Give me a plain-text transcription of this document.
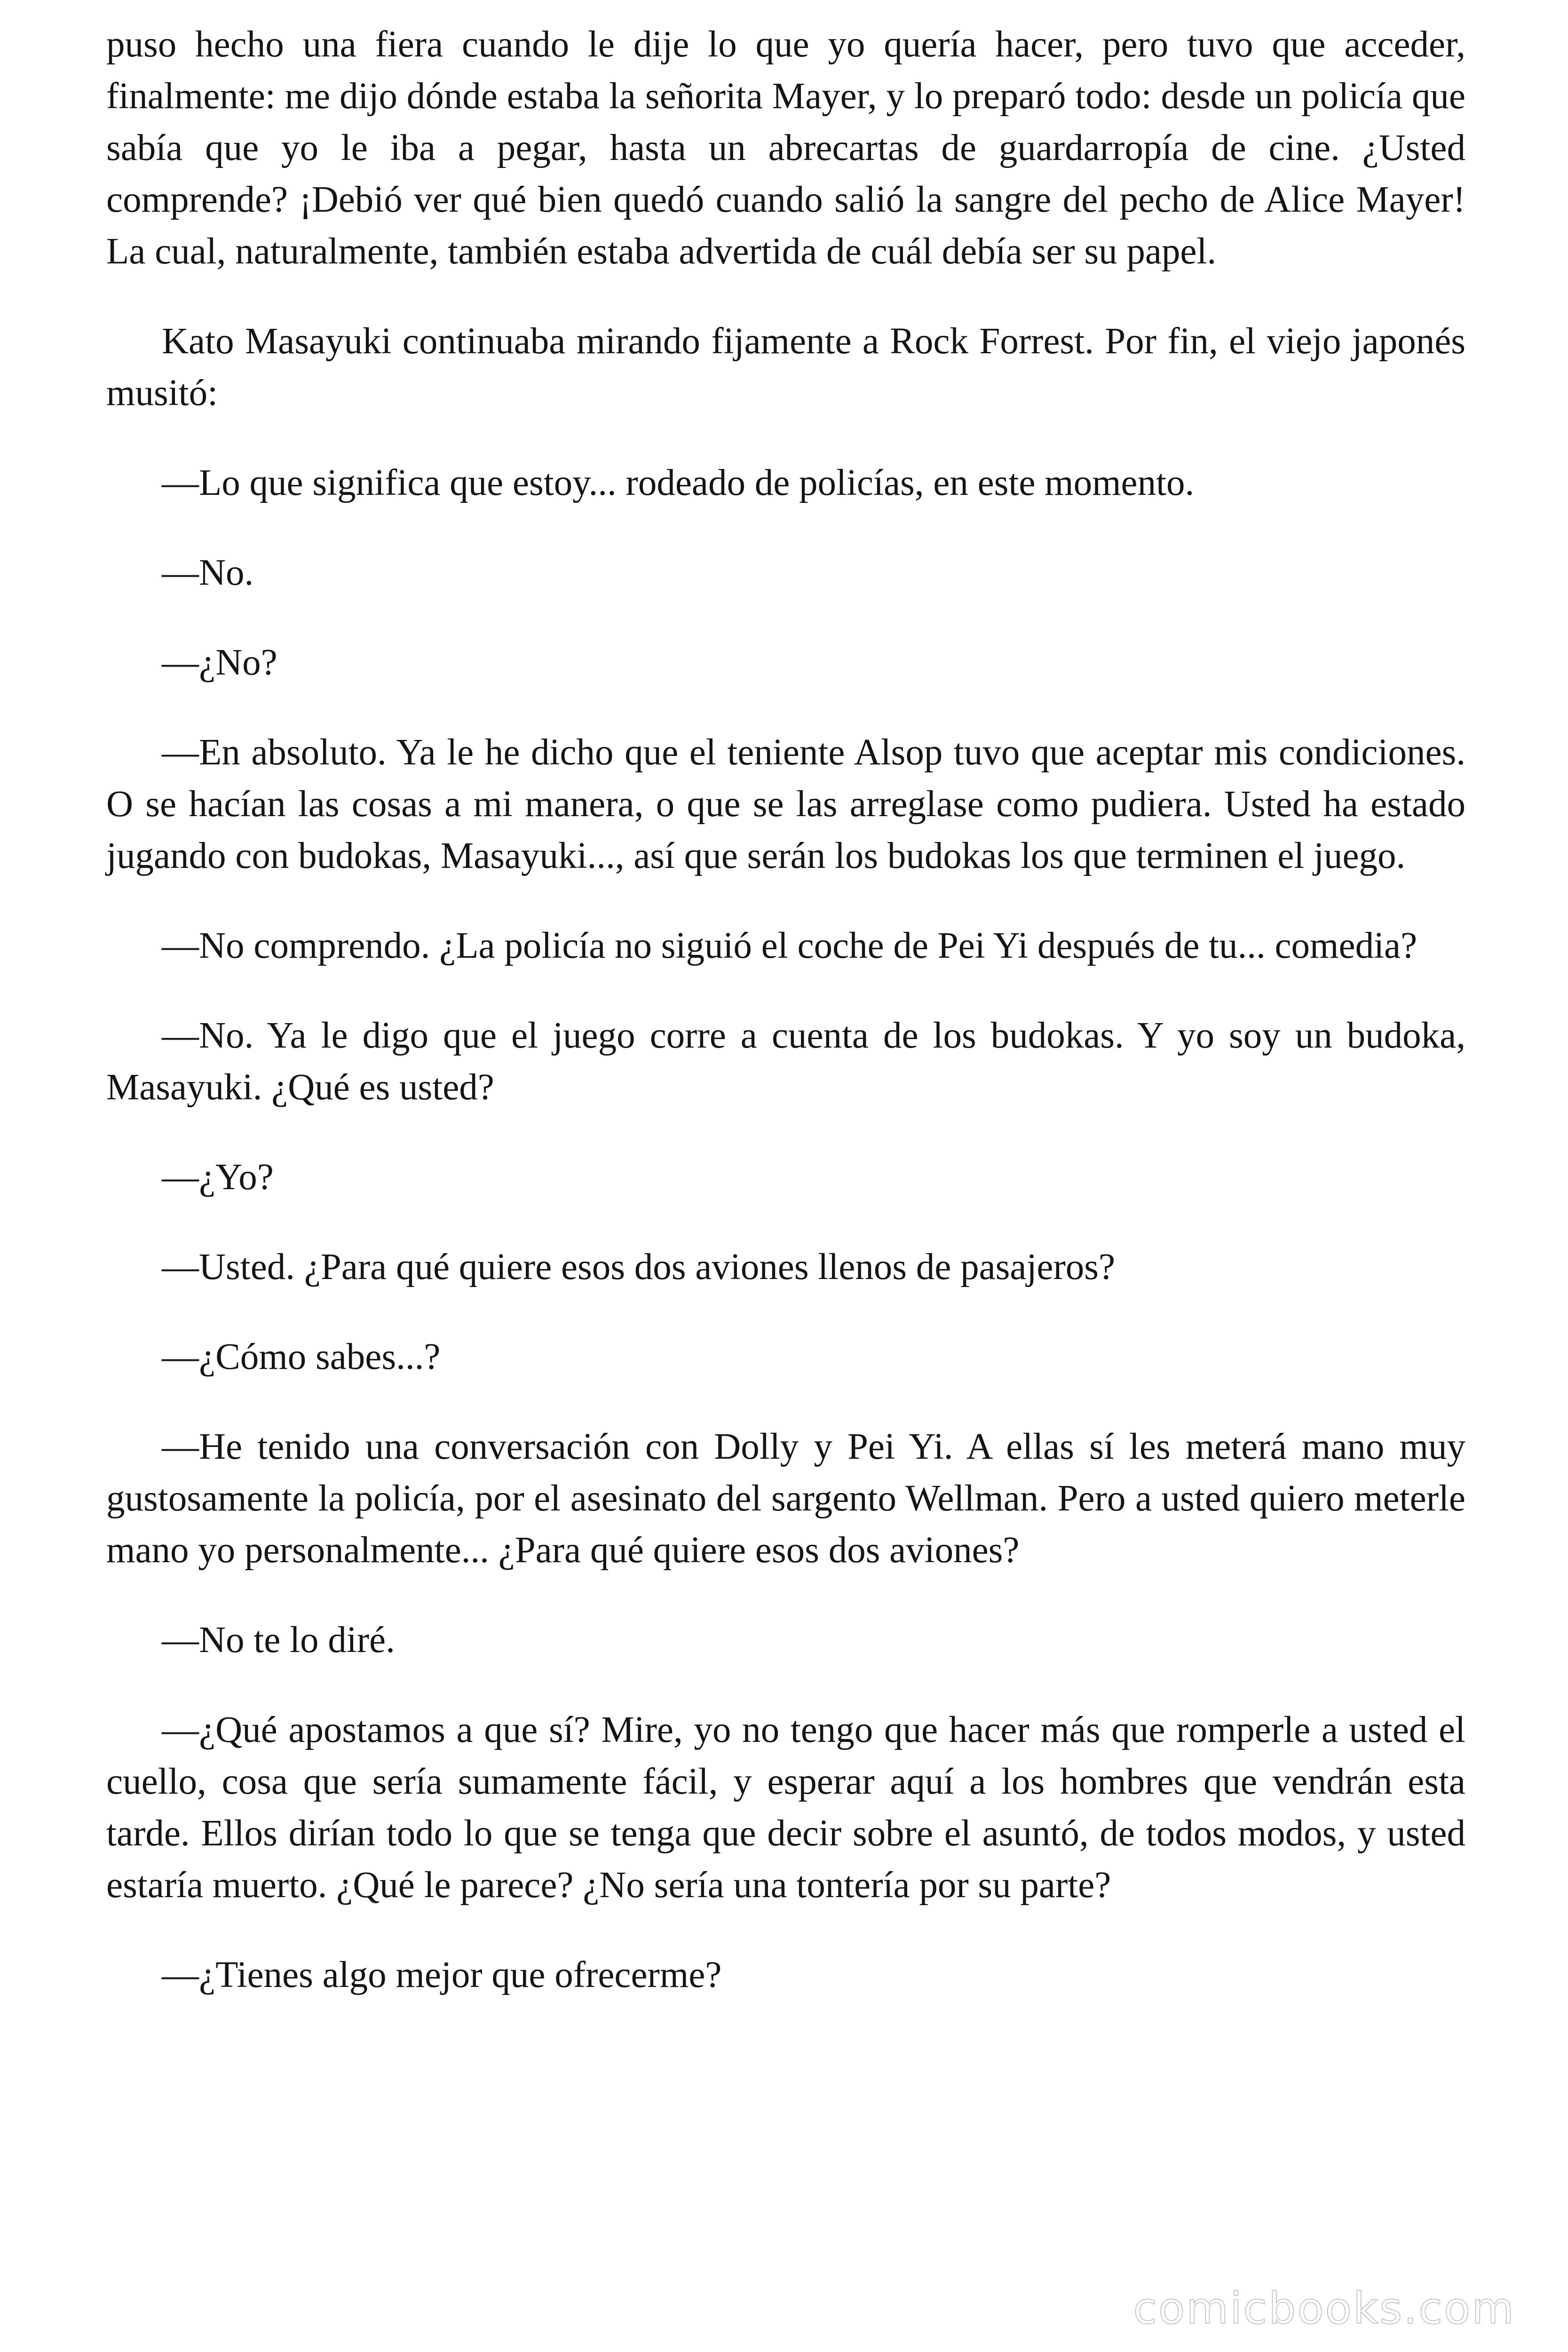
puso hecho una fiera cuando le dije lo que yo quería hacer, pero tuvo que acceder, finalmente: me dijo dónde estaba la señorita Mayer, y lo preparó todo: desde un policía que sabía que yo le iba a pegar, hasta un abrecartas de guardarropía de cine. ¿Usted comprende? ¡Debió ver qué bien quedó cuando salió la sangre del pecho de Alice Mayer! La cual, naturalmente, también estaba advertida de cuál debía ser su papel.

Kato Masayuki continuaba mirando fijamente a Rock Forrest. Por fin, el viejo japonés musitó:

—Lo que significa que estoy... rodeado de policías, en este momento.

—No.

—¿No?

—En absoluto. Ya le he dicho que el teniente Alsop tuvo que aceptar mis condiciones. O se hacían las cosas a mi manera, o que se las arreglase como pudiera. Usted ha estado jugando con budokas, Masayuki..., así que serán los budokas los que terminen el juego.

—No comprendo. ¿La policía no siguió el coche de Pei Yi después de tu... comedia?

—No. Ya le digo que el juego corre a cuenta de los budokas. Y yo soy un budoka, Masayuki. ¿Qué es usted?

—¿Yo?

—Usted. ¿Para qué quiere esos dos aviones llenos de pasajeros?

—¿Cómo sabes...?

—He tenido una conversación con Dolly y Pei Yi. A ellas sí les meterá mano muy gustosamente la policía, por el asesinato del sargento Wellman. Pero a usted quiero meterle mano yo personalmente... ¿Para qué quiere esos dos aviones?

—No te lo diré.

—¿Qué apostamos a que sí? Mire, yo no tengo que hacer más que romperle a usted el cuello, cosa que sería sumamente fácil, y esperar aquí a los hombres que vendrán esta tarde. Ellos dirían todo lo que se tenga que decir sobre el asuntó, de todos modos, y usted estaría muerto. ¿Qué le parece? ¿No sería una tontería por su parte?

—¿Tienes algo mejor que ofrecerme?

comicbooks.com
